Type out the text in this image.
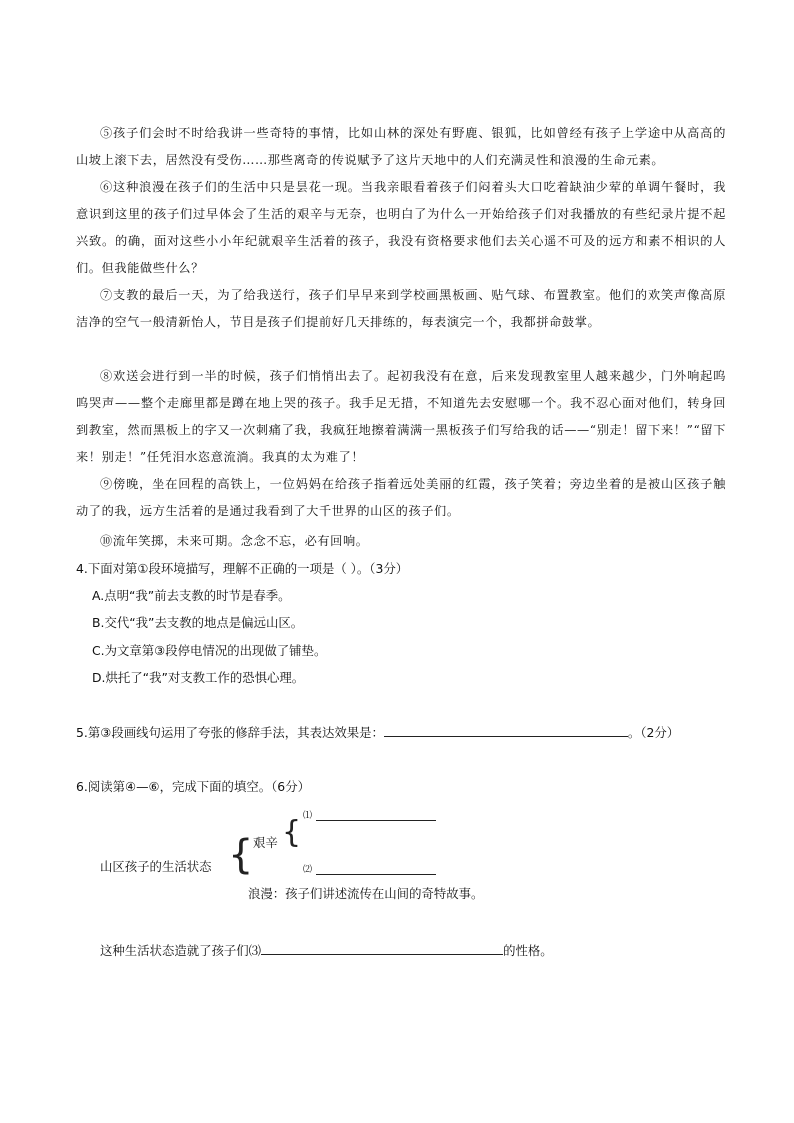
⑤孩子们会时不时给我讲一些奇特的事情，比如山林的深处有野鹿、银狐，比如曾经有孩子上学途中从高高的山坡上滚下去，居然没有受伤……那些离奇的传说赋予了这片天地中的人们充满灵性和浪漫的生命元素。
⑥这种浪漫在孩子们的生活中只是昙花一现。当我亲眼看着孩子们闷着头大口吃着缺油少荤的单调午餐时，我意识到这里的孩子们过早体会了生活的艰辛与无奈，也明白了为什么一开始给孩子们对我播放的有些纪录片提不起兴致。的确，面对这些小小年纪就艰辛生活着的孩子，我没有资格要求他们去关心遥不可及的远方和素不相识的人们。但我能做些什么？
⑦支教的最后一天，为了给我送行，孩子们早早来到学校画黑板画、贴气球、布置教室。他们的欢笑声像高原洁净的空气一般清新怡人，节目是孩子们提前好几天排练的，每表演完一个，我都拼命鼓掌。
⑧欢送会进行到一半的时候，孩子们悄悄出去了。起初我没有在意，后来发现教室里人越来越少，门外响起呜呜哭声——整个走廊里都是蹲在地上哭的孩子。我手足无措，不知道先去安慰哪一个。我不忍心面对他们，转身回到教室，然而黑板上的字又一次刺痛了我，我疯狂地擦着满满一黑板孩子们写给我的话——“别走！留下来！”“留下来！别走！”任凭泪水恣意流淌。我真的太为难了！
⑨傍晚，坐在回程的高铁上，一位妈妈在给孩子指着远处美丽的红霞，孩子笑着；旁边坐着的是被山区孩子触动了的我，远方生活着的是通过我看到了大千世界的山区的孩子们。
⑩流年笑掷，未来可期。念念不忘，必有回响。
4.下面对第①段环境描写，理解不正确的一项是（ ）。（3分）
A.点明“我”前去支教的时节是春季。
B.交代“我”去支教的地点是偏远山区。
C.为文章第③段停电情况的出现做了铺垫。
D.烘托了“我”对支教工作的恐惧心理。
5.第③段画线句运用了夸张的修辞手法，其表达效果是：	。（2分）
6.阅读第④—⑥，完成下面的填空。（6分）
山区孩子的生活状态 { 艰辛 { ⑴
⑵
浪漫：孩子们讲述流传在山间的奇特故事。
这种生活状态造就了孩子们⑶	的性格。
